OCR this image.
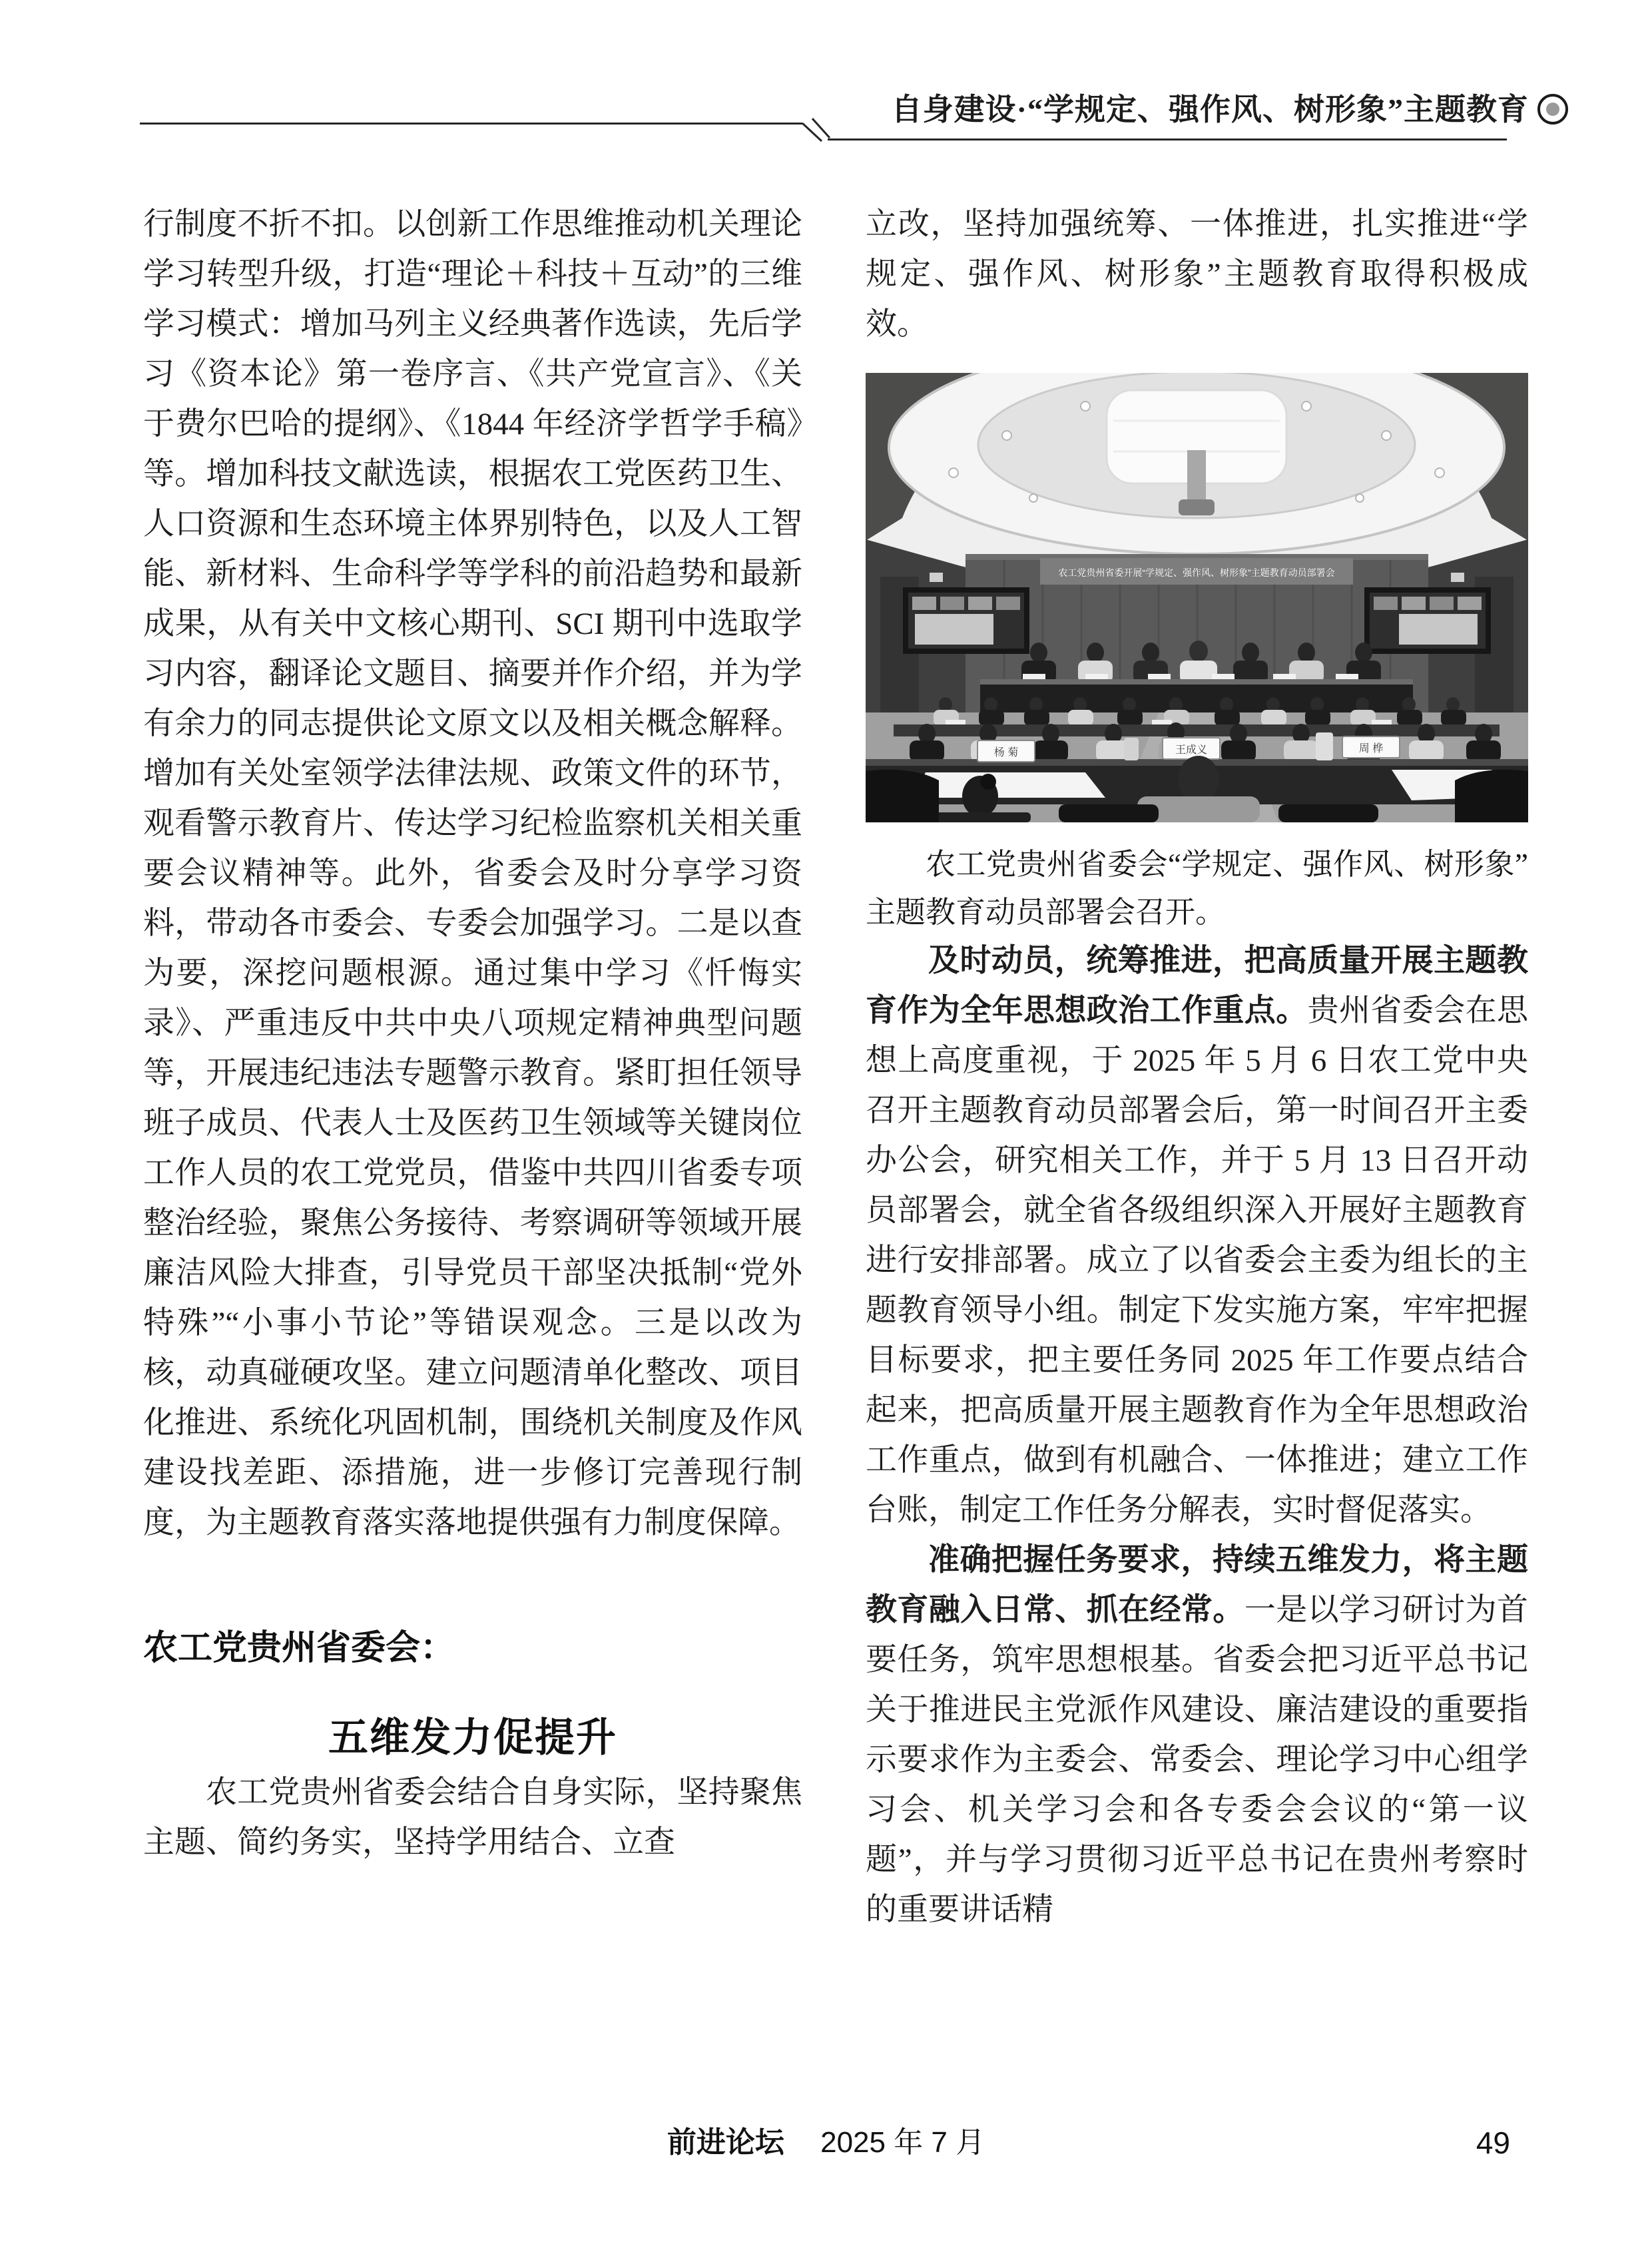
自身建设·“学规定、强作风、树形象”主题教育

行制度不折不扣。以创新工作思维推动机关理论学习转型升级，打造“理论＋科技＋互动”的三维学习模式：增加马列主义经典著作选读，先后学习《资本论》第一卷序言、《共产党宣言》、《关于费尔巴哈的提纲》、《1844 年经济学哲学手稿》等。增加科技文献选读，根据农工党医药卫生、人口资源和生态环境主体界别特色，以及人工智能、新材料、生命科学等学科的前沿趋势和最新成果，从有关中文核心期刊、SCI 期刊中选取学习内容，翻译论文题目、摘要并作介绍，并为学有余力的同志提供论文原文以及相关概念解释。增加有关处室领学法律法规、政策文件的环节，观看警示教育片、传达学习纪检监察机关相关重要会议精神等。此外，省委会及时分享学习资料，带动各市委会、专委会加强学习。二是以查为要，深挖问题根源。通过集中学习《忏悔实录》、严重违反中共中央八项规定精神典型问题等，开展违纪违法专题警示教育。紧盯担任领导班子成员、代表人士及医药卫生领域等关键岗位工作人员的农工党党员，借鉴中共四川省委专项整治经验，聚焦公务接待、考察调研等领域开展廉洁风险大排查，引导党员干部坚决抵制“党外特殊”“小事小节论”等错误观念。三是以改为核，动真碰硬攻坚。建立问题清单化整改、项目化推进、系统化巩固机制，围绕机关制度及作风建设找差距、添措施，进一步修订完善现行制度，为主题教育落实落地提供强有力制度保障。

农工党贵州省委会：
五维发力促提升

农工党贵州省委会结合自身实际，坚持聚焦主题、简约务实，坚持学用结合、立查

立改，坚持加强统筹、一体推进，扎实推进“学规定、强作风、树形象”主题教育取得积极成效。

农工党贵州省委开展“学规定、强作风、树形象”主题教育动员部署会
杨 菊	王成义	周 桦
农工党贵州省委会“学规定、强作风、树形象”主题教育动员部署会召开。

及时动员，统筹推进，把高质量开展主题教育作为全年思想政治工作重点。贵州省委会在思想上高度重视，于 2025 年 5 月 6 日农工党中央召开主题教育动员部署会后，第一时间召开主委办公会，研究相关工作，并于 5 月 13 日召开动员部署会，就全省各级组织深入开展好主题教育进行安排部署。成立了以省委会主委为组长的主题教育领导小组。制定下发实施方案，牢牢把握目标要求，把主要任务同 2025 年工作要点结合起来，把高质量开展主题教育作为全年思想政治工作重点，做到有机融合、一体推进；建立工作台账，制定工作任务分解表，实时督促落实。

准确把握任务要求，持续五维发力，将主题教育融入日常、抓在经常。一是以学习研讨为首要任务，筑牢思想根基。省委会把习近平总书记关于推进民主党派作风建设、廉洁建设的重要指示要求作为主委会、常委会、理论学习中心组学习会、机关学习会和各专委会会议的“第一议题”，并与学习贯彻习近平总书记在贵州考察时的重要讲话精

前进论坛 2025 年 7 月	49
